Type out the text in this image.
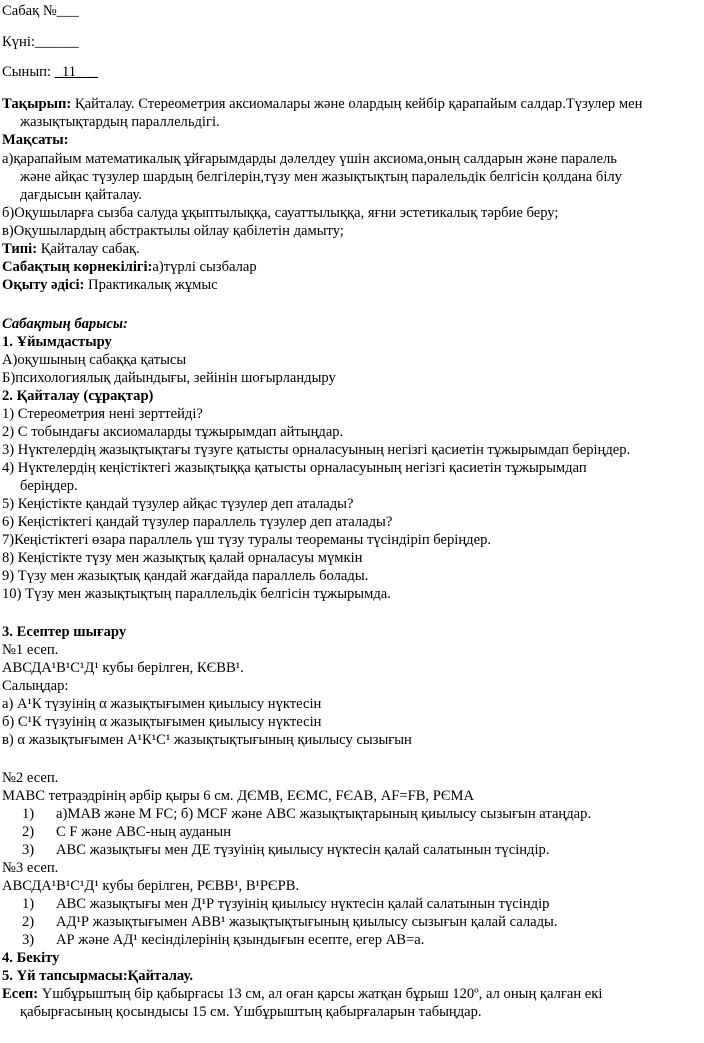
Сабақ №___
Күні:______
Сынып: _11___
Тақырып: Қайталау. Стереометрия аксиомалары және олардың кейбір қарапайым салдар.Түзулер мен
жазықтықтардың параллельдігі.
Мақсаты:
а)қарапайым математикалық ұйғарымдарды дәлелдеу үшін аксиома,оның салдарын және паралель
және айқас түзулер шардың белгілерін,түзу мен жазықтықтың паралельдік белгісін қолдана білу
дағдысын қайталау.
б)Оқушыларға сызба салуда ұқыптылыққа, сауаттылыққа, яғни эстетикалық тәрбие беру;
в)Оқушылардың абстрактылы ойлау қабілетін дамыту;
Типі: Қайталау сабақ.
Сабақтың көрнекілігі:а)түрлі сызбалар
Оқыту әдісі: Практикалық жұмыс
Сабақтың барысы:
1. Ұйымдастыру
А)оқушының сабаққа қатысы
Б)психологиялық дайындығы, зейінін шоғырландыру
2. Қайталау (сұрақтар)
1) Стереометрия нені зерттейді?
2) С тобындағы аксиомаларды тұжырымдап айтыңдар.
3) Нүктелердің жазықтықтағы түзуге қатысты орналасуының негізгі қасиетін тұжырымдап беріңдер.
4) Нүктелердің кеңістіктегі жазықтыққа қатысты орналасуының негізгі қасиетін тұжырымдап
беріңдер.
5) Кеңістікте қандай түзулер айқас түзулер деп аталады?
6) Кеңістіктегі қандай түзулер параллель түзулер деп аталады?
7)Кеңістіктегі өзара параллель үш түзу туралы теореманы түсіндіріп беріңдер.
8) Кеңістікте түзу мен жазықтық қалай орналасуы мүмкін
9) Түзу мен жазықтық қандай жағдайда параллель болады.
10) Түзу мен жазықтықтың параллельдік белгісін тұжырымда.
3. Есептер шығару
№1 есеп.
АВСДА¹В¹С¹Д¹ кубы берілген, КЄВВ¹.
Салыңдар:
а) А¹К түзуінің α жазықтығымен қиылысу нүктесін
б) С¹К түзуінің α жазықтығымен қиылысу нүктесін
в) α жазықтығымен А¹К¹С¹ жазықтықтығының қиылысу сызығын
№2 есеп.
МАВС тетраэдрінің әрбір қыры 6 см. ДЄМВ, ЕЄМС, FЄАВ, АF=FВ, РЄМА
1) а)МАВ және М FС; б) МСF және АВС жазықтықтарының қиылысу сызығын атаңдар.
2) С F және АВС-ның ауданын
3) АВС жазықтығы мен ДЕ түзуінің қиылысу нүктесін қалай салатынын түсіндір.
№3 есеп.
АВСДА¹В¹С¹Д¹ кубы берілген, РЄВВ¹, В¹РЄРВ.
1) АВС жазықтығы мен Д¹Р түзуінің қиылысу нүктесін қалай салатынын түсіндір
2) АД¹Р жазықтығымен АВВ¹ жазықтықтығының қиылысу сызығын қалай салады.
3) АР және АД¹ кесінділерінің қзындығын есепте, егер АВ=а.
4. Бекіту
5. Үй тапсырмасы:Қайталау.
Есеп: Үшбұрыштың бір қабырғасы 13 см, ал оған қарсы жатқан бұрыш 120º, ал оның қалған екі
қабырғасының қосындысы 15 см. Үшбұрыштың қабырғаларын табыңдар.
